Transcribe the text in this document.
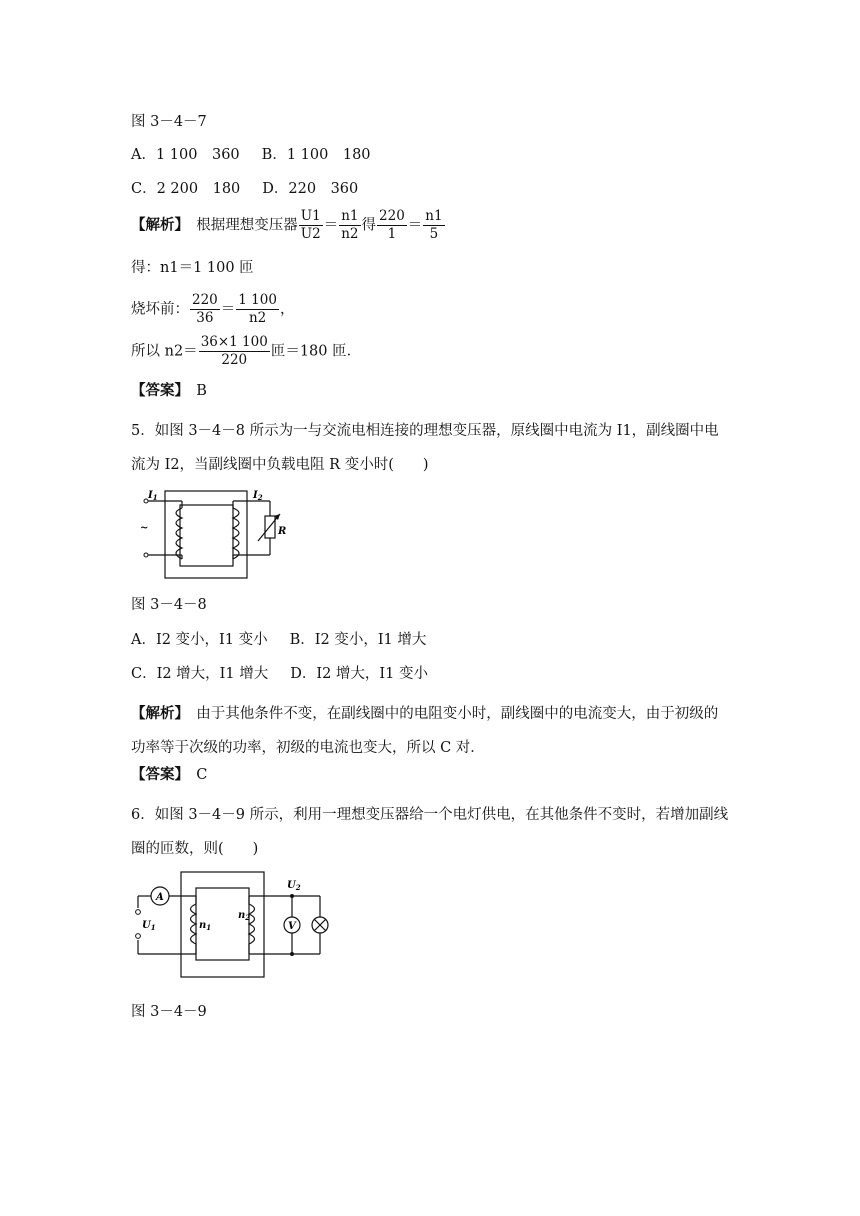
图 3－4－7
A．1 100　360 B．1 100　180
C．2 200　180 D．220　360
【解析】　 根据理想变压器 $\frac{U1}{U2} = \frac{n1}{n2}$ 得 $\frac{220}{1} = \frac{n1}{5}$
得：n1＝1 100 匝
烧坏前： $\frac{220}{36} = \frac{1 100}{n2}$ ，
所以 $n2= \frac{36\times 1 100}{220}$ 匝＝180 匝．
【答案】　 B
5．如图 3－4－8 所示为一与交流电相连接的理想变压器，原线圈中电流为 I1，副线圈中电流为 I2，当副线圈中负载电阻 R 变小时(　　)
$I_1$	$I_2$
R
~
图 3－4－8
A．I2 变小，I1 变小 B．I2 变小，I1 增大
C．I2 增大，I1 增大 D．I2 增大，I1 变小
【解析】　 由于其他条件不变，在副线圈中的电阻变小时，副线圈中的电流变大，由于初级的功率等于次级的功率，初级的电流也变大，所以 C 对．
【答案】　 C
6．如图 3－4－9 所示，利用一理想变压器给一个电灯供电，在其他条件不变时，若增加副线圈的匝数，则(　　)
A
V
$U_1$
$U_2$
$n_1$
$n_2$
图 3－4－9
